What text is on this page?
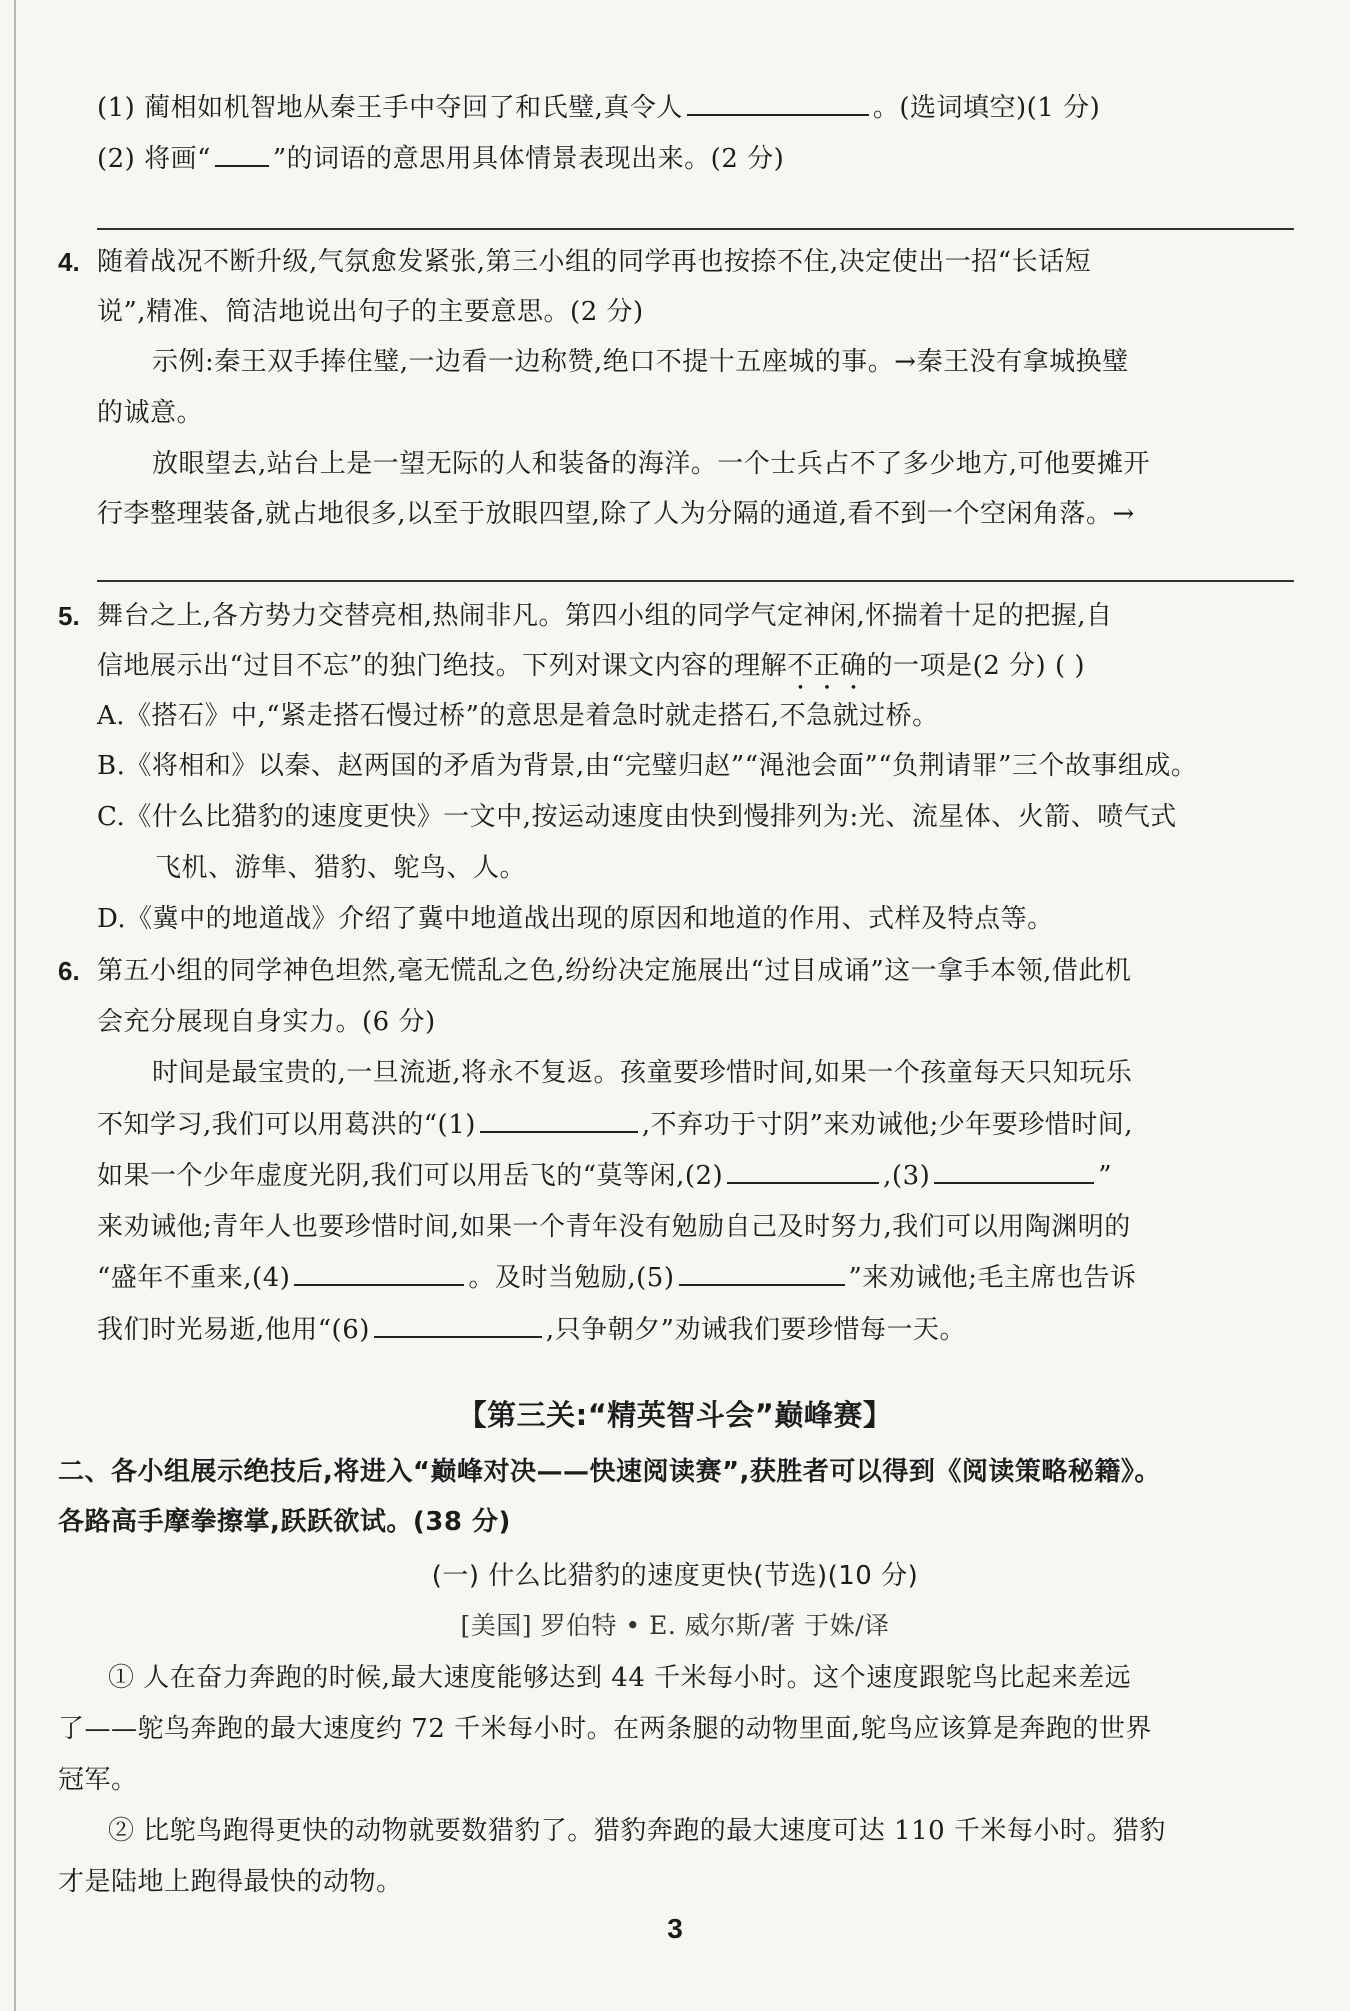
(1) 蔺相如机智地从秦王手中夺回了和氏璧,真令人	。(选词填空)(1 分)
(2) 将画“ ”的词语的意思用具体情景表现出来。(2 分)
4. 随着战况不断升级,气氛愈发紧张,第三小组的同学再也按捺不住,决定使出一招“长话短
说”,精准、简洁地说出句子的主要意思。(2 分)
示例:秦王双手捧住璧,一边看一边称赞,绝口不提十五座城的事。→秦王没有拿城换璧
的诚意。
放眼望去,站台上是一望无际的人和装备的海洋。一个士兵占不了多少地方,可他要摊开
行李整理装备,就占地很多,以至于放眼四望,除了人为分隔的通道,看不到一个空闲角落。→
5. 舞台之上,各方势力交替亮相,热闹非凡。第四小组的同学气定神闲,怀揣着十足的把握,自
信地展示出“过目不忘”的独门绝技。下列对课文内容的理解不正确的一项是(2 分) ( )
A.《搭石》中,“紧走搭石慢过桥”的意思是着急时就走搭石,不急就过桥。
B.《将相和》以秦、赵两国的矛盾为背景,由“完璧归赵”“渑池会面”“负荆请罪”三个故事组成。
C.《什么比猎豹的速度更快》一文中,按运动速度由快到慢排列为:光、流星体、火箭、喷气式
飞机、游隼、猎豹、鸵鸟、人。
D.《冀中的地道战》介绍了冀中地道战出现的原因和地道的作用、式样及特点等。
6. 第五小组的同学神色坦然,毫无慌乱之色,纷纷决定施展出“过目成诵”这一拿手本领,借此机
会充分展现自身实力。(6 分)
时间是最宝贵的,一旦流逝,将永不复返。孩童要珍惜时间,如果一个孩童每天只知玩乐
不知学习,我们可以用葛洪的“(1)	,不弃功于寸阴”来劝诫他;少年要珍惜时间,
如果一个少年虚度光阴,我们可以用岳飞的“莫等闲,(2)	,(3)	”
来劝诫他;青年人也要珍惜时间,如果一个青年没有勉励自己及时努力,我们可以用陶渊明的
“盛年不重来,(4)	。及时当勉励,(5)	”来劝诫他;毛主席也告诉
我们时光易逝,他用“(6)	,只争朝夕”劝诫我们要珍惜每一天。
【第三关:“精英智斗会”巅峰赛】
二、各小组展示绝技后,将进入“巅峰对决——快速阅读赛”,获胜者可以得到《阅读策略秘籍》。
各路高手摩拳擦掌,跃跃欲试。(38 分)
(一) 什么比猎豹的速度更快(节选)(10 分)
[美国] 罗伯特 • E. 威尔斯/著 于姝/译
① 人在奋力奔跑的时候,最大速度能够达到 44 千米每小时。这个速度跟鸵鸟比起来差远
了——鸵鸟奔跑的最大速度约 72 千米每小时。在两条腿的动物里面,鸵鸟应该算是奔跑的世界
冠军。
② 比鸵鸟跑得更快的动物就要数猎豹了。猎豹奔跑的最大速度可达 110 千米每小时。猎豹
才是陆地上跑得最快的动物。
3
